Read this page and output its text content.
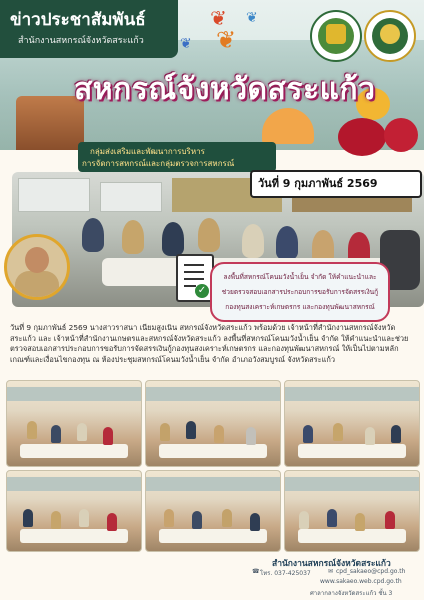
ข่าวประชาสัมพันธ์
สำนักงานสหกรณ์จังหวัดสระแก้ว
❦ ❦
❦ ❦
สหกรณ์จังหวัดสระแก้ว
กลุ่มส่งเสริมและพัฒนาการบริหาร
การจัดการสหกรณ์และกลุ่มตรวจการสหกรณ์
วันที่ 9 กุมภาพันธ์ 2569
✓
ลงพื้นที่สหกรณ์โคนมวังน้ำเย็น จำกัด ให้คำแนะนำและ
ช่วยตรวจสอบเอกสารประกอบการขอรับการจัดสรรเงินกู้
กองทุนสงเคราะห์เกษตรกร และกองทุนพัฒนาสหกรณ์
วันที่ 9 กุมภาพันธ์ 2569 นางสาวราสนา เนียมสูงเนิน สหกรณ์จังหวัดสระแก้ว พร้อมด้วย เจ้าหน้าที่สำนักงานสหกรณ์จังหวัดสระแก้ว และ เจ้าหน้าที่สำนักงานเกษตรและสหกรณ์จังหวัดสระแก้ว ลงพื้นที่สหกรณ์โคนมวังน้ำเย็น จำกัด ให้คำแนะนำและช่วยตรวจสอบเอกสารประกอบการขอรับการจัดสรรเงินกู้กองทุนสงเคราะห์เกษตรกร และกองทุนพัฒนาสหกรณ์ ให้เป็นไปตามหลักเกณฑ์และเงื่อนไขกองทุน ณ ห้องประชุมสหกรณ์โคนมวังน้ำเย็น จำกัด อำเภอวังสมบูรณ์ จังหวัดสระแก้ว
สำนักงานสหกรณ์จังหวัดสระแก้ว
☎ โทร. 037-425037	✉ cpd_sakaeo@cpd.go.th
www.sakaeo.web.cpd.go.th
ศาลากลางจังหวัดสระแก้ว ชั้น 3
